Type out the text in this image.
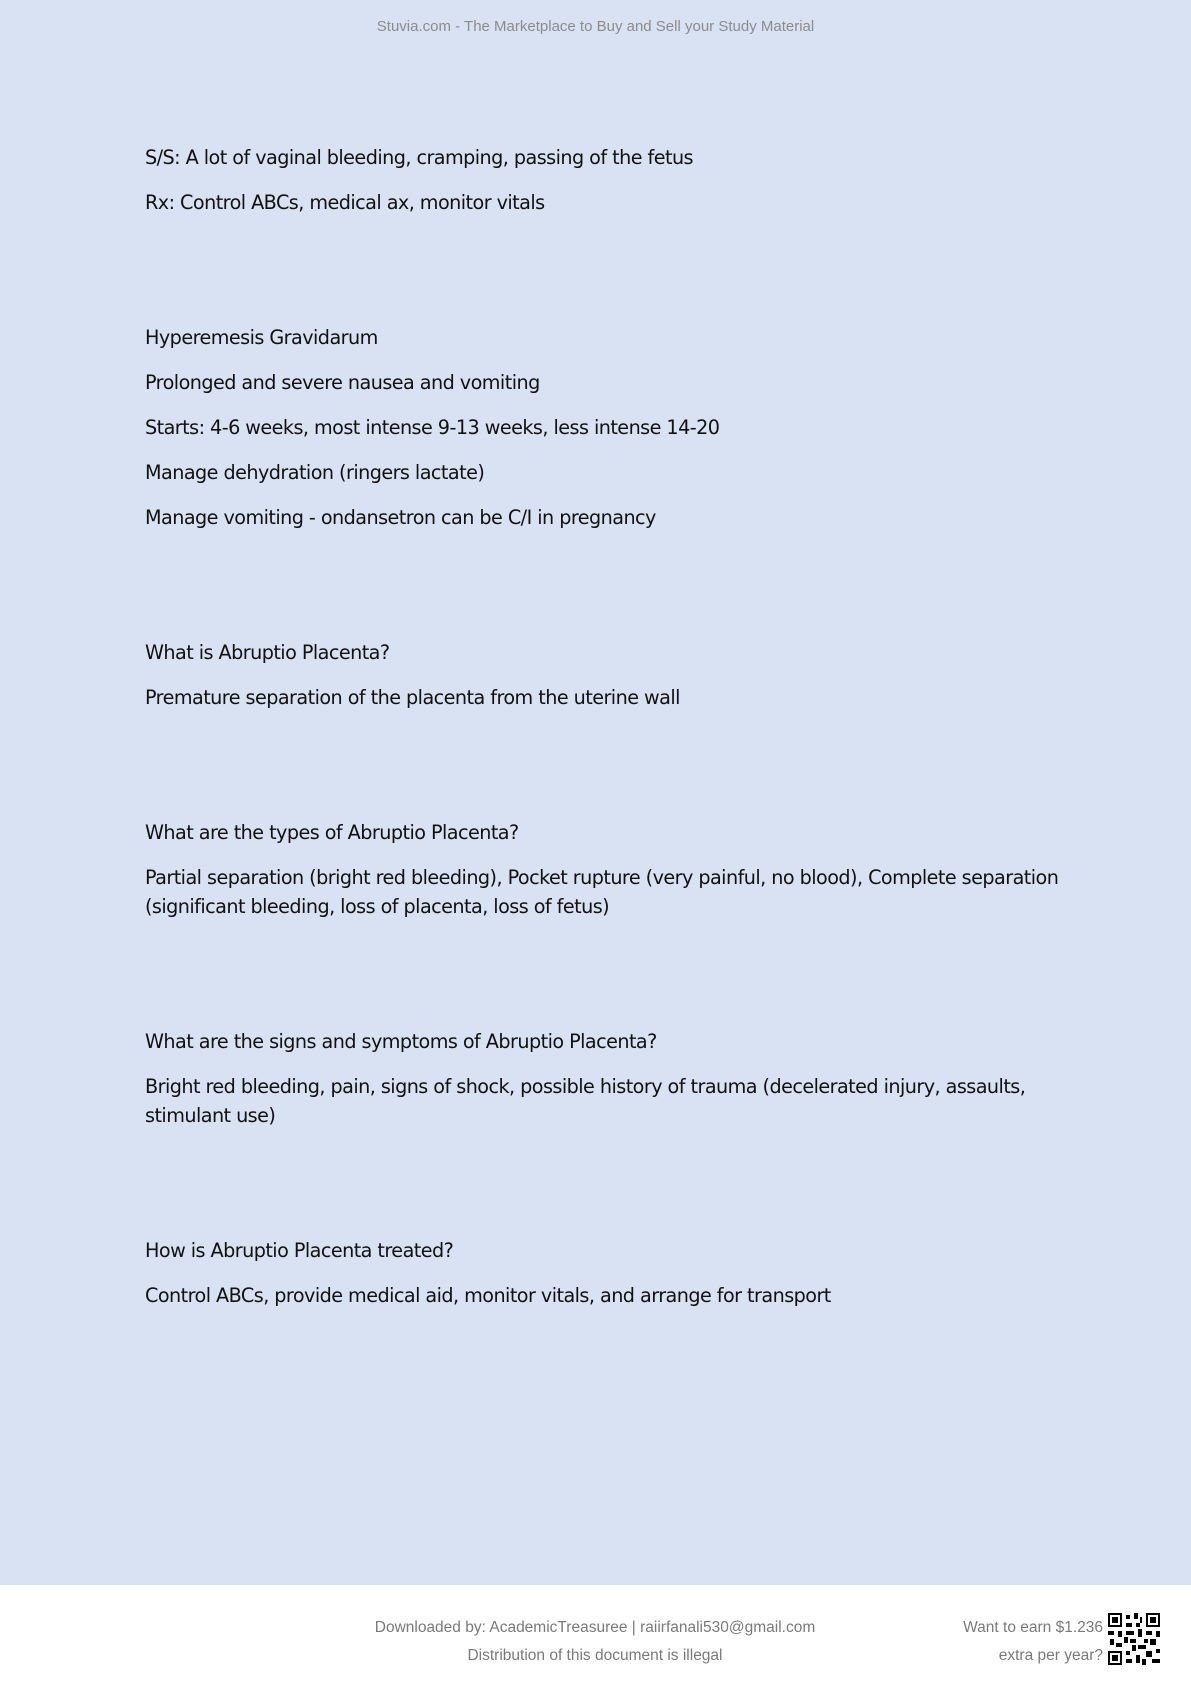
Stuvia.com - The Marketplace to Buy and Sell your Study Material
S/S: A lot of vaginal bleeding, cramping, passing of the fetus
Rx: Control ABCs, medical ax, monitor vitals
Hyperemesis Gravidarum
Prolonged and severe nausea and vomiting
Starts: 4-6 weeks, most intense 9-13 weeks, less intense 14-20
Manage dehydration (ringers lactate)
Manage vomiting - ondansetron can be C/I in pregnancy
What is Abruptio Placenta?
Premature separation of the placenta from the uterine wall
What are the types of Abruptio Placenta?
Partial separation (bright red bleeding), Pocket rupture (very painful, no blood), Complete separation
(significant bleeding, loss of placenta, loss of fetus)
What are the signs and symptoms of Abruptio Placenta?
Bright red bleeding, pain, signs of shock, possible history of trauma (decelerated injury, assaults,
stimulant use)
How is Abruptio Placenta treated?
Control ABCs, provide medical aid, monitor vitals, and arrange for transport
Downloaded by: AcademicTreasuree | raiirfanali530@gmail.com
Distribution of this document is illegal
Want to earn $1.236
extra per year?
